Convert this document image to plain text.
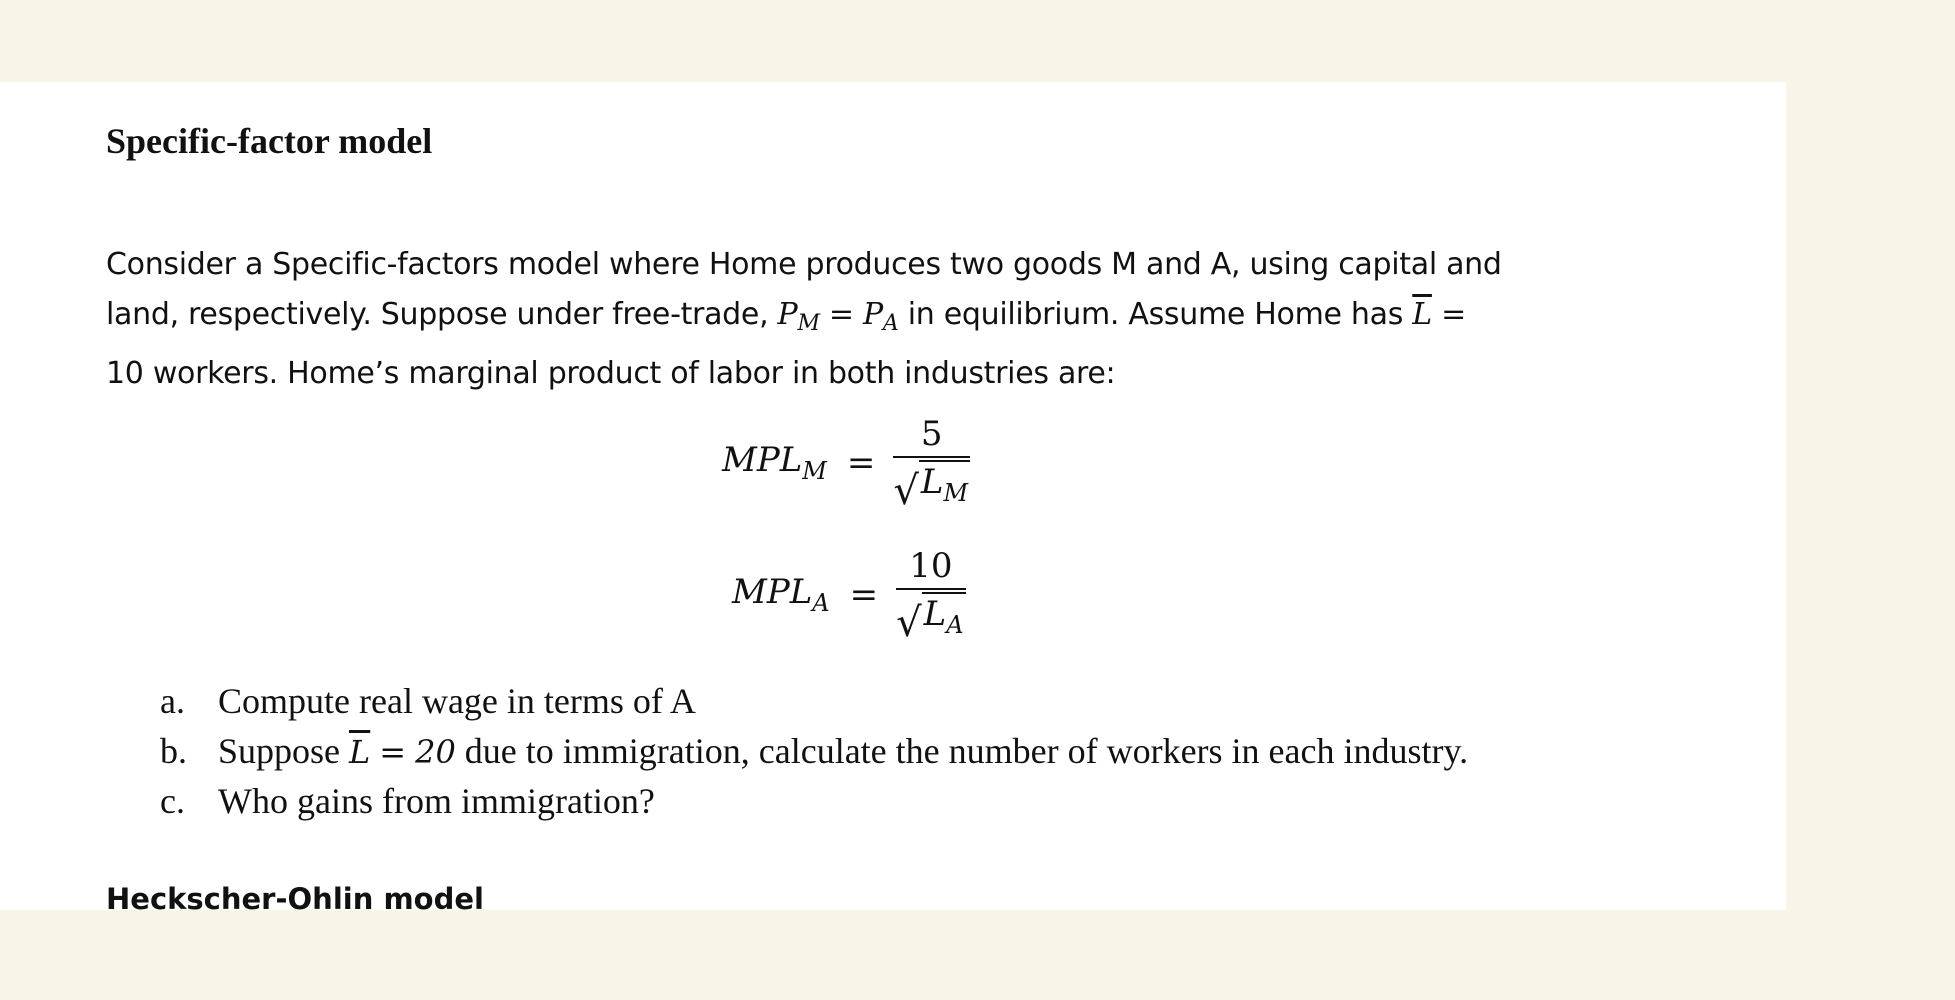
Specific-factor model

Consider a Specific-factors model where Home produces two goods M and A, using capital and
land, respectively. Suppose under free-trade, $P_M = P_A$ in equilibrium. Assume Home has $\overline{L}$ =
10 workers. Home’s marginal product of labor in both industries are:

$MPL_M = \frac{5}{√ L_M}$
$MPL_A = \frac{10}{√ L_A}$
a. Compute real wage in terms of A
b. Suppose $\overline{L} = 20$ due to immigration, calculate the number of workers in each industry.
c. Who gains from immigration?
Heckscher-Ohlin model
